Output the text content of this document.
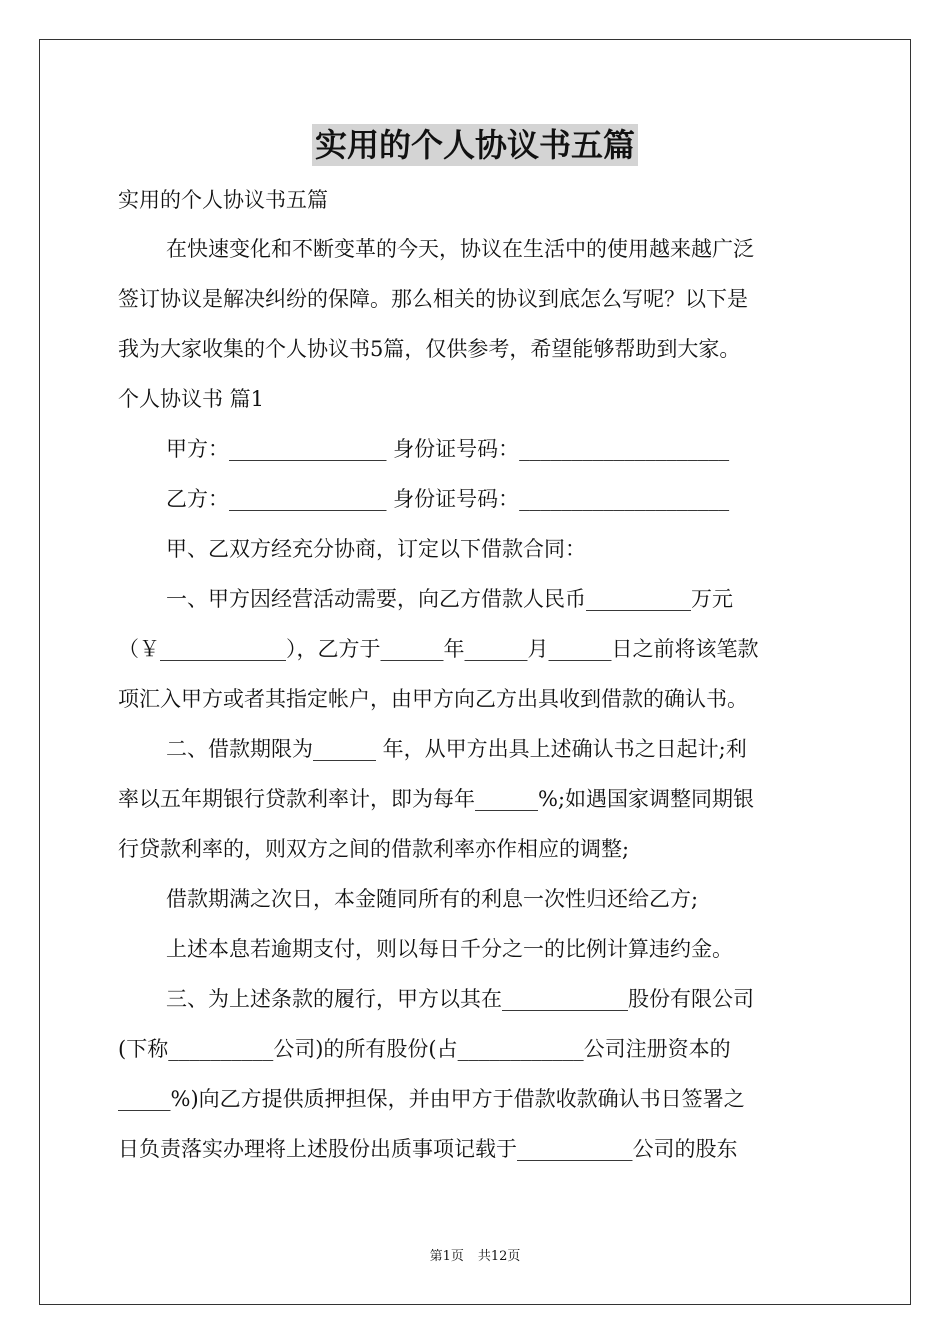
实用的个人协议书五篇
实用的个人协议书五篇
在快速变化和不断变革的今天，协议在生活中的使用越来越广泛
签订协议是解决纠纷的保障。那么相关的协议到底怎么写呢？以下是
我为大家收集的个人协议书5篇，仅供参考，希望能够帮助到大家。
个人协议书 篇1
甲方：_______________ 身份证号码：____________________
乙方：_______________ 身份证号码：____________________
甲、乙双方经充分协商，订定以下借款合同：
一、甲方因经营活动需要，向乙方借款人民币__________万元
（￥____________），乙方于______年______月______日之前将该笔款
项汇入甲方或者其指定帐户，由甲方向乙方出具收到借款的确认书。
二、借款期限为______ 年，从甲方出具上述确认书之日起计;利
率以五年期银行贷款利率计，即为每年______%;如遇国家调整同期银
行贷款利率的，则双方之间的借款利率亦作相应的调整;
借款期满之次日，本金随同所有的利息一次性归还给乙方;
上述本息若逾期支付，则以每日千分之一的比例计算违约金。
三、为上述条款的履行，甲方以其在____________股份有限公司
(下称__________公司)的所有股份(占____________公司注册资本的
_____%)向乙方提供质押担保，并由甲方于借款收款确认书日签署之
日负责落实办理将上述股份出质事项记载于___________公司的股东
第1页 共12页
